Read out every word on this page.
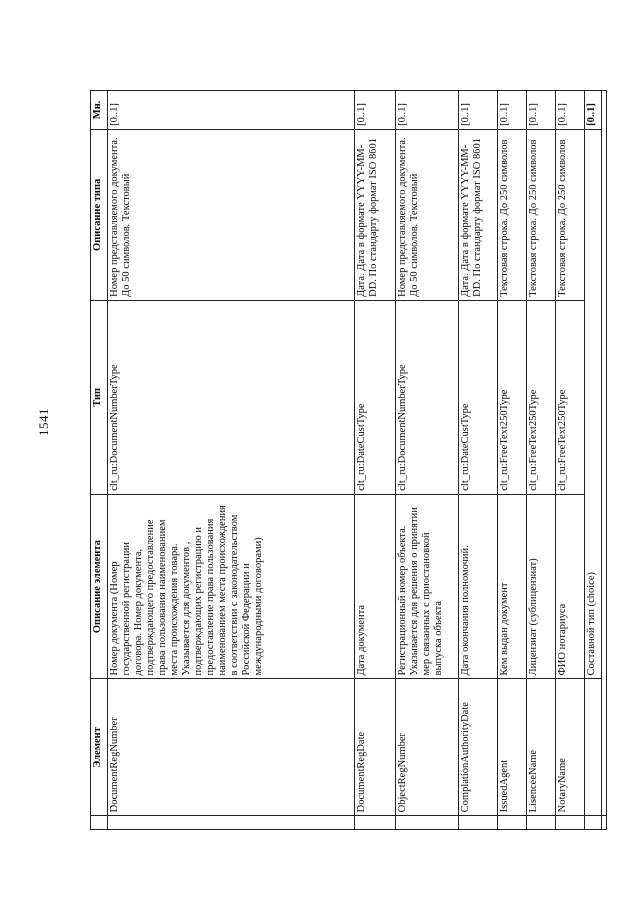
1541
	Элемент	Описание элемента	Тип	Описание типа	Мн.
	DocumentRegNumber	Номер документа (Номер государственной регистрации договора. Номер документа, подтверждающего предоставление права пользования наименованием места происхождения товара. Указывается для документов , подтверждающих регистрацию и предоставление права пользования наименованием места происхождения в соответствии с законодательством Российской Федерации и международными договорами)	clt_ru:DocumentNumberType	Номер представляемого документа. До 50 символов. Текстовый	[0..1]
	DocumentRegDate	Дата документа	clt_ru:DateCustType	Дата. Дата в формате YYYY-MM-DD. По стандарту формат ISO 8601	[0..1]
	ObjectRegNumber	Регистрационный номер объекта. Указывается для решения о принятии мер связанных с приостановкой выпуска объекта	clt_ru:DocumentNumberType	Номер представляемого документа. До 50 символов. Текстовый	[0..1]
	ComplationAuthorityDate	Дата окончания полномочий.	clt_ru:DateCustType	Дата. Дата в формате YYYY-MM-DD. По стандарту формат ISO 8601	[0..1]
	IssuedAgent	Кем выдан документ	clt_ru:FreeText250Type	Текстовая строка. До 250 символов	[0..1]
	LisenceeName	Лицензиат (сублицензиат)	clt_ru:FreeText250Type	Текстовая строка. До 250 символов	[0..1]
	NotaryName	ФИО нотариуса	clt_ru:FreeText250Type	Текстовая строка. До 250 символов	[0..1]
		Составной тип (choice)			[0..1]
